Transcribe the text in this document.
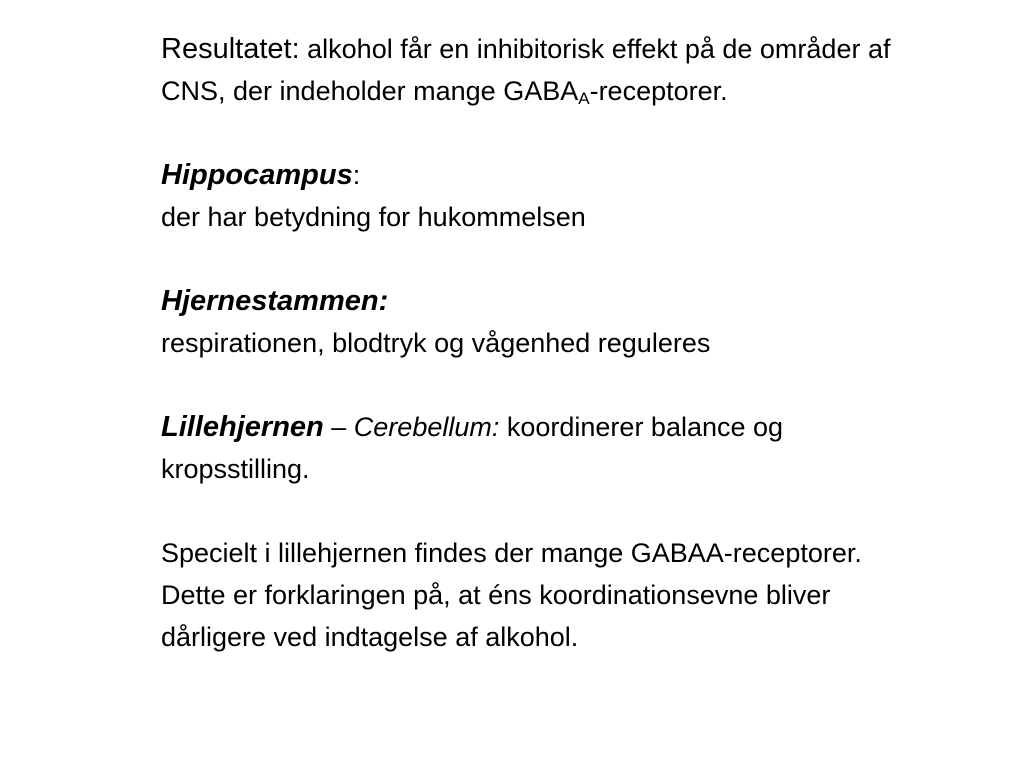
Resultatet: alkohol får en inhibitorisk effekt på de områder af CNS, der indeholder mange $GABA_A$-receptorer.

Hippocampus:
der har betydning for hukommelsen

Hjernestammen:
respirationen, blodtryk og vågenhed reguleres

Lillehjernen – Cerebellum: koordinerer balance og kropsstilling.

Specielt i lillehjernen findes der mange GABAA-receptorer. Dette er forklaringen på, at éns koordinationsevne bliver dårligere ved indtagelse af alkohol.
